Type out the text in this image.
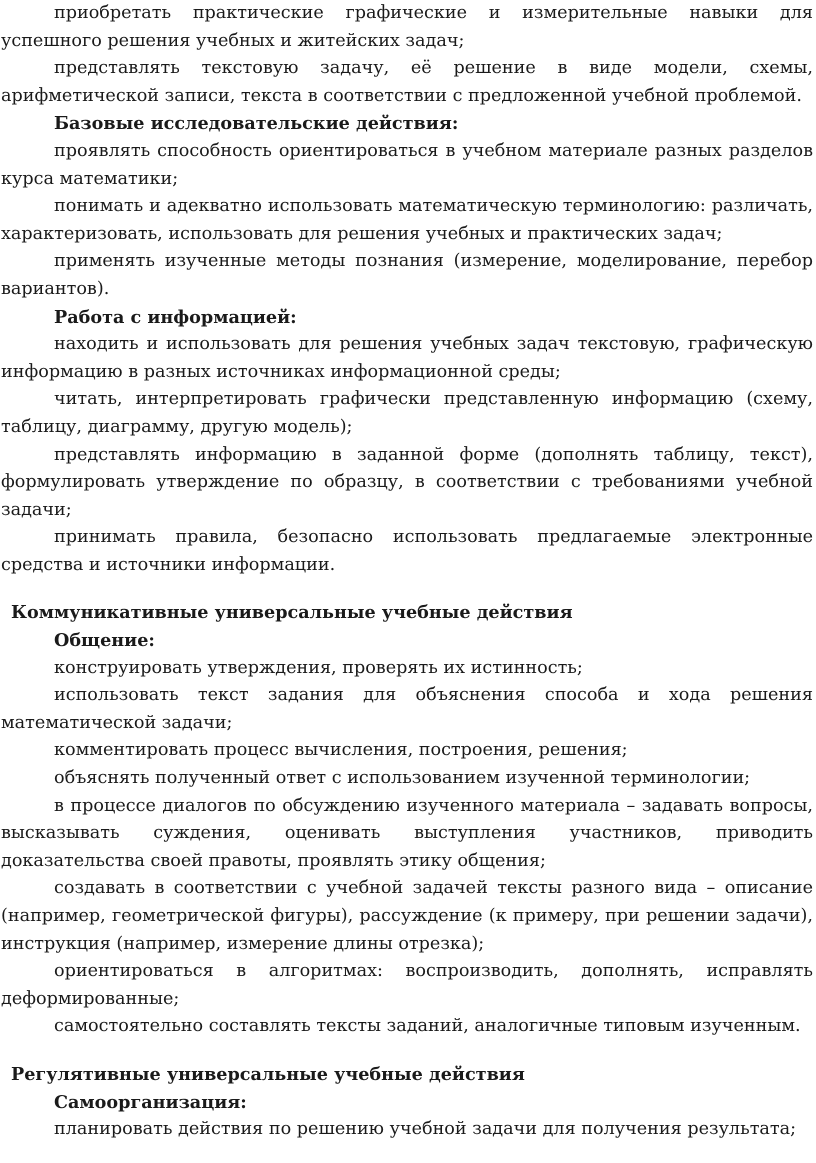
приобретать практические графические и измерительные навыки для успешного решения учебных и житейских задач;

представлять текстовую задачу, её решение в виде модели, схемы, арифметической записи, текста в соответствии с предложенной учебной проблемой.

Базовые исследовательские действия:

проявлять способность ориентироваться в учебном материале разных разделов курса математики;

понимать и адекватно использовать математическую терминологию: различать, характеризовать, использовать для решения учебных и практических задач;

применять изученные методы познания (измерение, моделирование, перебор вариантов).

Работа с информацией:

находить и использовать для решения учебных задач текстовую, графическую информацию в разных источниках информационной среды;

читать, интерпретировать графически представленную информацию (схему, таблицу, диаграмму, другую модель);

представлять информацию в заданной форме (дополнять таблицу, текст), формулировать утверждение по образцу, в соответствии с требованиями учебной задачи;

принимать правила, безопасно использовать предлагаемые электронные средства и источники информации.

Коммуникативные универсальные учебные действия

Общение:

конструировать утверждения, проверять их истинность;

использовать текст задания для объяснения способа и хода решения математической задачи;

комментировать процесс вычисления, построения, решения;

объяснять полученный ответ с использованием изученной терминологии;

в процессе диалогов по обсуждению изученного материала – задавать вопросы, высказывать суждения, оценивать выступления участников, приводить доказательства своей правоты, проявлять этику общения;

создавать в соответствии с учебной задачей тексты разного вида – описание (например, геометрической фигуры), рассуждение (к примеру, при решении задачи), инструкция (например, измерение длины отрезка);

ориентироваться в алгоритмах: воспроизводить, дополнять, исправлять деформированные;

самостоятельно составлять тексты заданий, аналогичные типовым изученным.

Регулятивные универсальные учебные действия

Самоорганизация:

планировать действия по решению учебной задачи для получения результата;
